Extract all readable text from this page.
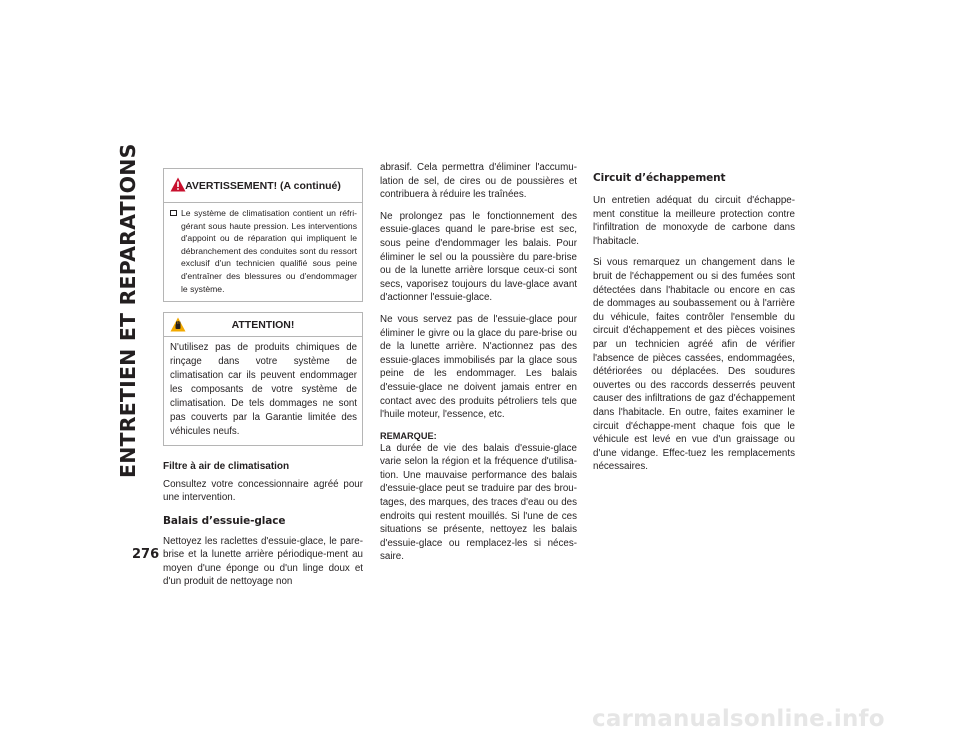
ENTRETIEN ET REPARATIONS
276
AVERTISSEMENT! (A continué)
Le système de climatisation contient un réfri-gérant sous haute pression. Les interventions d'appoint ou de réparation qui impliquent le débranchement des conduites sont du ressort exclusif d'un technicien qualifié sous peine d'entraîner des blessures ou d'endommager le système.
ATTENTION!
N'utilisez pas de produits chimiques de rinçage dans votre système de climatisation car ils peuvent endommager les composants de votre système de climatisation. De tels dommages ne sont pas couverts par la Garantie limitée des véhicules neufs.
Filtre à air de climatisation

Consultez votre concessionnaire agréé pour une intervention.

Balais d’essuie-glace

Nettoyez les raclettes d'essuie-glace, le pare-brise et la lunette arrière périodique-ment au moyen d'une éponge ou d'un linge doux et d'un produit de nettoyage non

abrasif. Cela permettra d'éliminer l'accumu-lation de sel, de cires ou de poussières et contribuera à réduire les traînées.

Ne prolongez pas le fonctionnement des essuie-glaces quand le pare-brise est sec, sous peine d'endommager les balais. Pour éliminer le sel ou la poussière du pare-brise ou de la lunette arrière lorsque ceux-ci sont secs, vaporisez toujours du lave-glace avant d'actionner l'essuie-glace.

Ne vous servez pas de l'essuie-glace pour éliminer le givre ou la glace du pare-brise ou de la lunette arrière. N'actionnez pas des essuie-glaces immobilisés par la glace sous peine de les endommager. Les balais d'essuie-glace ne doivent jamais entrer en contact avec des produits pétroliers tels que l'huile moteur, l'essence, etc.

REMARQUE:

La durée de vie des balais d'essuie-glace varie selon la région et la fréquence d'utilisa-tion. Une mauvaise performance des balais d'essuie-glace peut se traduire par des brou-tages, des marques, des traces d'eau ou des endroits qui restent mouillés. Si l'une de ces situations se présente, nettoyez les balais d'essuie-glace ou remplacez-les si néces-saire.

Circuit d’échappement

Un entretien adéquat du circuit d'échappe-ment constitue la meilleure protection contre l'infiltration de monoxyde de carbone dans l'habitacle.

Si vous remarquez un changement dans le bruit de l'échappement ou si des fumées sont détectées dans l'habitacle ou encore en cas de dommages au soubassement ou à l'arrière du véhicule, faites contrôler l'ensemble du circuit d'échappement et des pièces voisines par un technicien agréé afin de vérifier l'absence de pièces cassées, endommagées, détériorées ou déplacées. Des soudures ouvertes ou des raccords desserrés peuvent causer des infiltrations de gaz d'échappement dans l'habitacle. En outre, faites examiner le circuit d'échappe-ment chaque fois que le véhicule est levé en vue d'un graissage ou d'une vidange. Effec-tuez les remplacements nécessaires.

carmanualsonline.info
